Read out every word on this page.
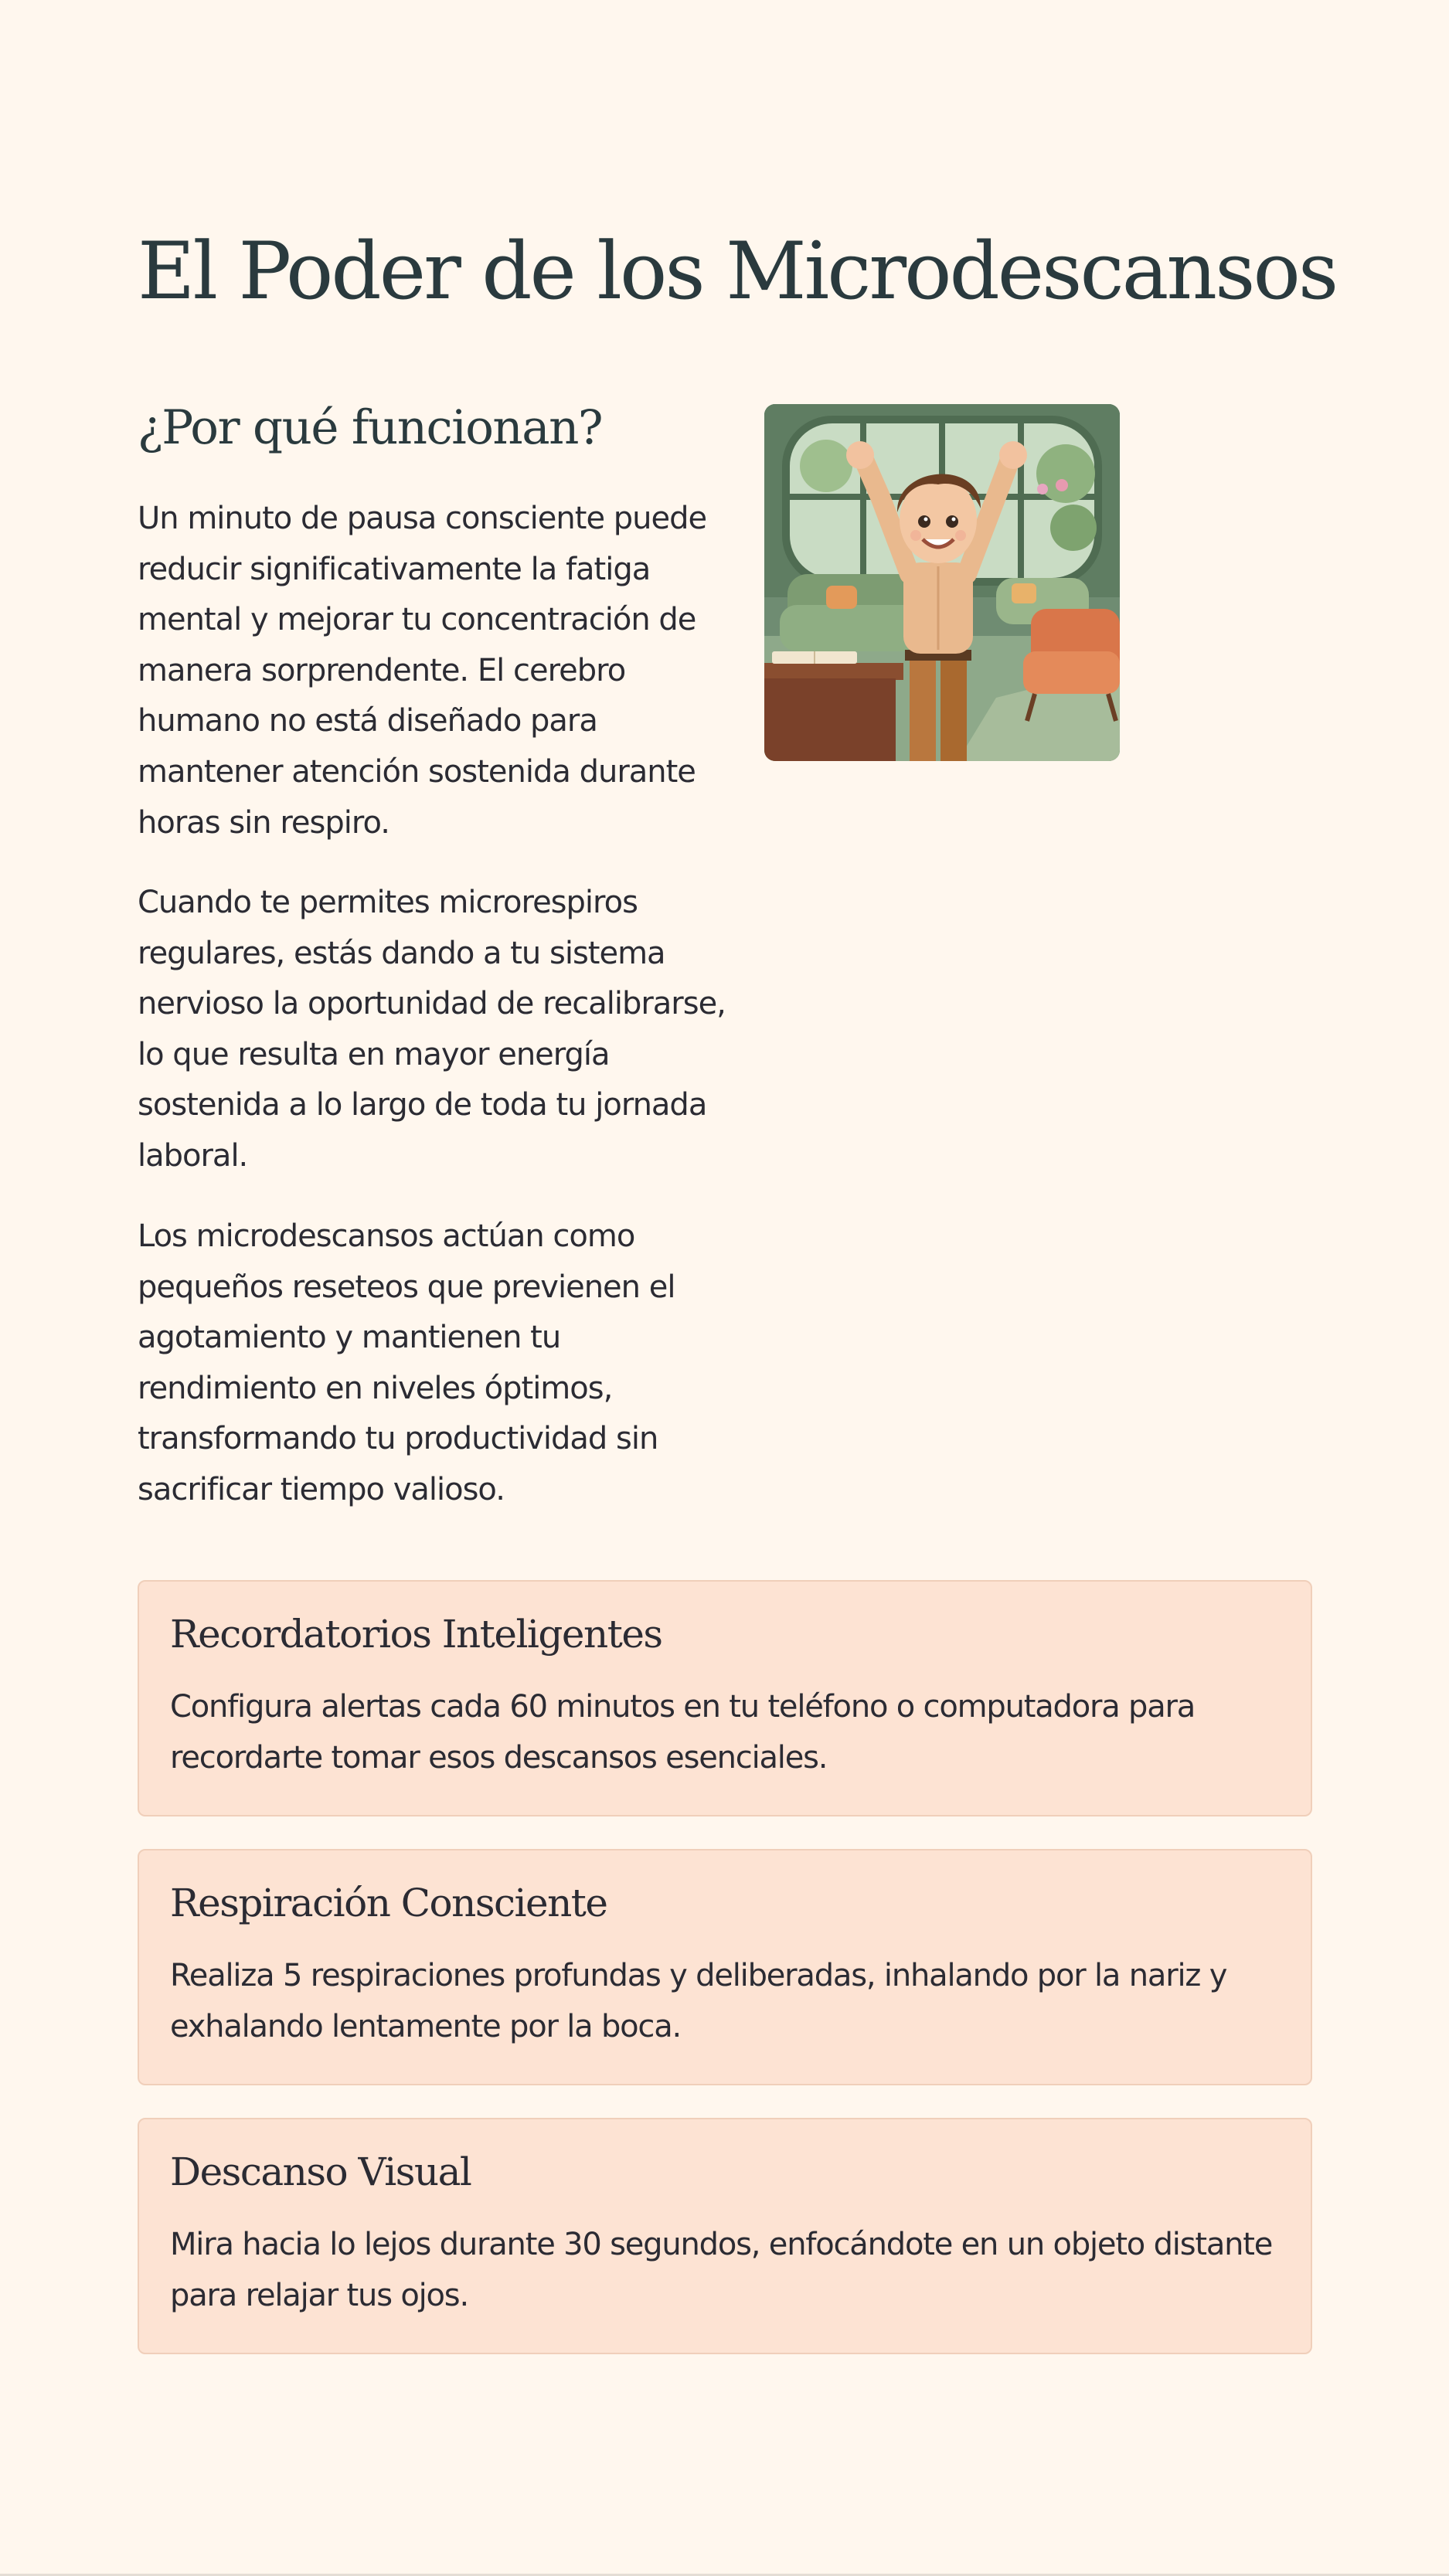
El Poder de los Microdescansos
¿Por qué funcionan?

Un minuto de pausa consciente puede reducir significativamente la fatiga mental y mejorar tu concentración de manera sorprendente. El cerebro humano no está diseñado para mantener atención sostenida durante horas sin respiro.

Cuando te permites microrespiros regulares, estás dando a tu sistema nervioso la oportunidad de recalibrarse, lo que resulta en mayor energía sostenida a lo largo de toda tu jornada laboral.

Los microdescansos actúan como pequeños reseteos que previenen el agotamiento y mantienen tu rendimiento en niveles óptimos, transformando tu productividad sin sacrificar tiempo valioso.

Recordatorios Inteligentes

Configura alertas cada 60 minutos en tu teléfono o computadora para recordarte tomar esos descansos esenciales.

Respiración Consciente

Realiza 5 respiraciones profundas y deliberadas, inhalando por la nariz y exhalando lentamente por la boca.

Descanso Visual

Mira hacia lo lejos durante 30 segundos, enfocándote en un objeto distante para relajar tus ojos.
